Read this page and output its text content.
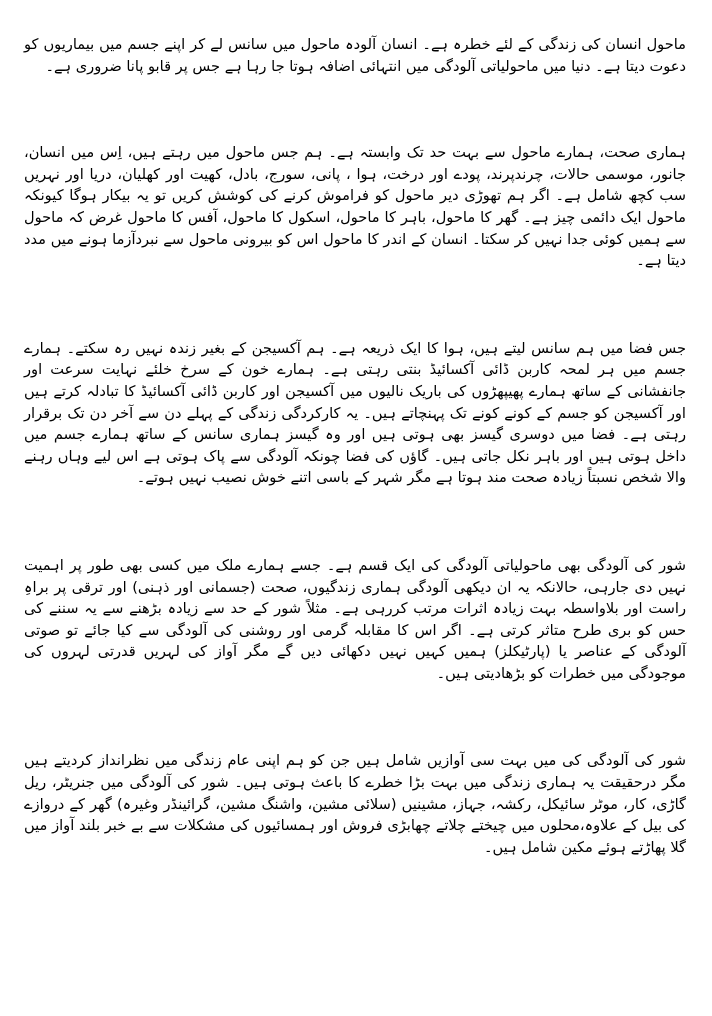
ماحول انسان کی زندگی کے لئے خطرہ ہے۔ انسان آلودہ ماحول میں سانس لے کر اپنے جسم میں بیماریوں کو دعوت دیتا ہے۔ دنیا میں ماحولیاتی آلودگی میں انتہائی اضافہ ہوتا جا رہا ہے جس پر قابو پانا ضروری ہے۔

ہماری صحت، ہمارے ماحول سے بہت حد تک وابستہ ہے۔ ہم جس ماحول میں رہتے ہیں، اِس میں انسان، جانور، موسمی حالات، چرندپرند، پودے اور درخت، ہوا ، پانی، سورج، بادل، کھیت اور کھلیان، دریا اور نہریں سب کچھ شامل ہے۔ اگر ہم تھوڑی دیر ماحول کو فراموش کرنے کی کوشش کریں تو یہ بیکار ہوگا کیونکہ ماحول ایک دائمی چیز ہے۔ گھر کا ماحول، باہر کا ماحول، اسکول کا ماحول، آفس کا ماحول غرض کہ ماحول سے ہمیں کوئی جدا نہیں کر سکتا۔ انسان کے اندر کا ماحول اس کو بیرونی ماحول سے نبردآزما ہونے میں مدد دیتا ہے۔

جس فضا میں ہم سانس لیتے ہیں، ہوا کا ایک ذریعہ ہے۔ ہم آکسیجن کے بغیر زندہ نہیں رہ سکتے۔ ہمارے جسم میں ہر لمحہ کاربن ڈائی آکسائیڈ بنتی رہتی ہے۔ ہمارے خون کے سرخ خلئے نہایت سرعت اور جانفشانی کے ساتھ ہمارے پھیپھڑوں کی باریک نالیوں میں آکسیجن اور کاربن ڈائی آکسائیڈ کا تبادلہ کرتے ہیں اور آکسیجن کو جسم کے کونے کونے تک پہنچاتے ہیں۔ یہ کارکردگی زندگی کے پہلے دن سے آخر دن تک برقرار رہتی ہے۔ فضا میں دوسری گیسز بھی ہوتی ہیں اور وہ گیسز ہماری سانس کے ساتھ ہمارے جسم میں داخل ہوتی ہیں اور باہر نکل جاتی ہیں۔ گاؤں کی فضا چونکہ آلودگی سے پاک ہوتی ہے اس لیے وہاں رہنے والا شخص نسبتاً زیادہ صحت مند ہوتا ہے مگر شہر کے باسی اتنے خوش نصیب نہیں ہوتے۔

شور کی آلودگی بھی ماحولیاتی آلودگی کی ایک قسم ہے۔ جسے ہمارے ملک میں کسی بھی طور پر اہمیت نہیں دی جارہی، حالانکہ یہ ان دیکھی آلودگی ہماری زندگیوں، صحت (جسمانی اور ذہنی) اور ترقی پر براہِ راست اور بلاواسطہ بہت زیادہ اثرات مرتب کررہی ہے۔ مثلاً شور کے حد سے زیادہ بڑھنے سے یہ سننے کی حس کو بری طرح متاثر کرتی ہے۔ اگر اس کا مقابلہ گرمی اور روشنی کی آلودگی سے کیا جائے تو صوتی آلودگی کے عناصر یا (پارٹیکلز) ہمیں کہیں نہیں دکھائی دیں گے مگر آواز کی لہریں قدرتی لہروں کی موجودگی میں خطرات کو بڑھادیتی ہیں۔

شور کی آلودگی کی میں بہت سی آوازیں شامل ہیں جن کو ہم اپنی عام زندگی میں نظرانداز کردیتے ہیں مگر درحقیقت یہ ہماری زندگی میں بہت بڑا خطرے کا باعث ہوتی ہیں۔ شور کی آلودگی میں جنریٹر، ریل گاڑی، کار، موٹر سائیکل، رکشہ، جہاز، مشینیں (سلائی مشین، واشنگ مشین، گرائینڈر وغیرہ) گھر کے دروازے کی بیل کے علاوہ،محلوں میں چیختے چلاتے چھابڑی فروش اور ہمسائیوں کی مشکلات سے بے خبر بلند آواز میں گلا پھاڑتے ہوئے مکین شامل ہیں۔
